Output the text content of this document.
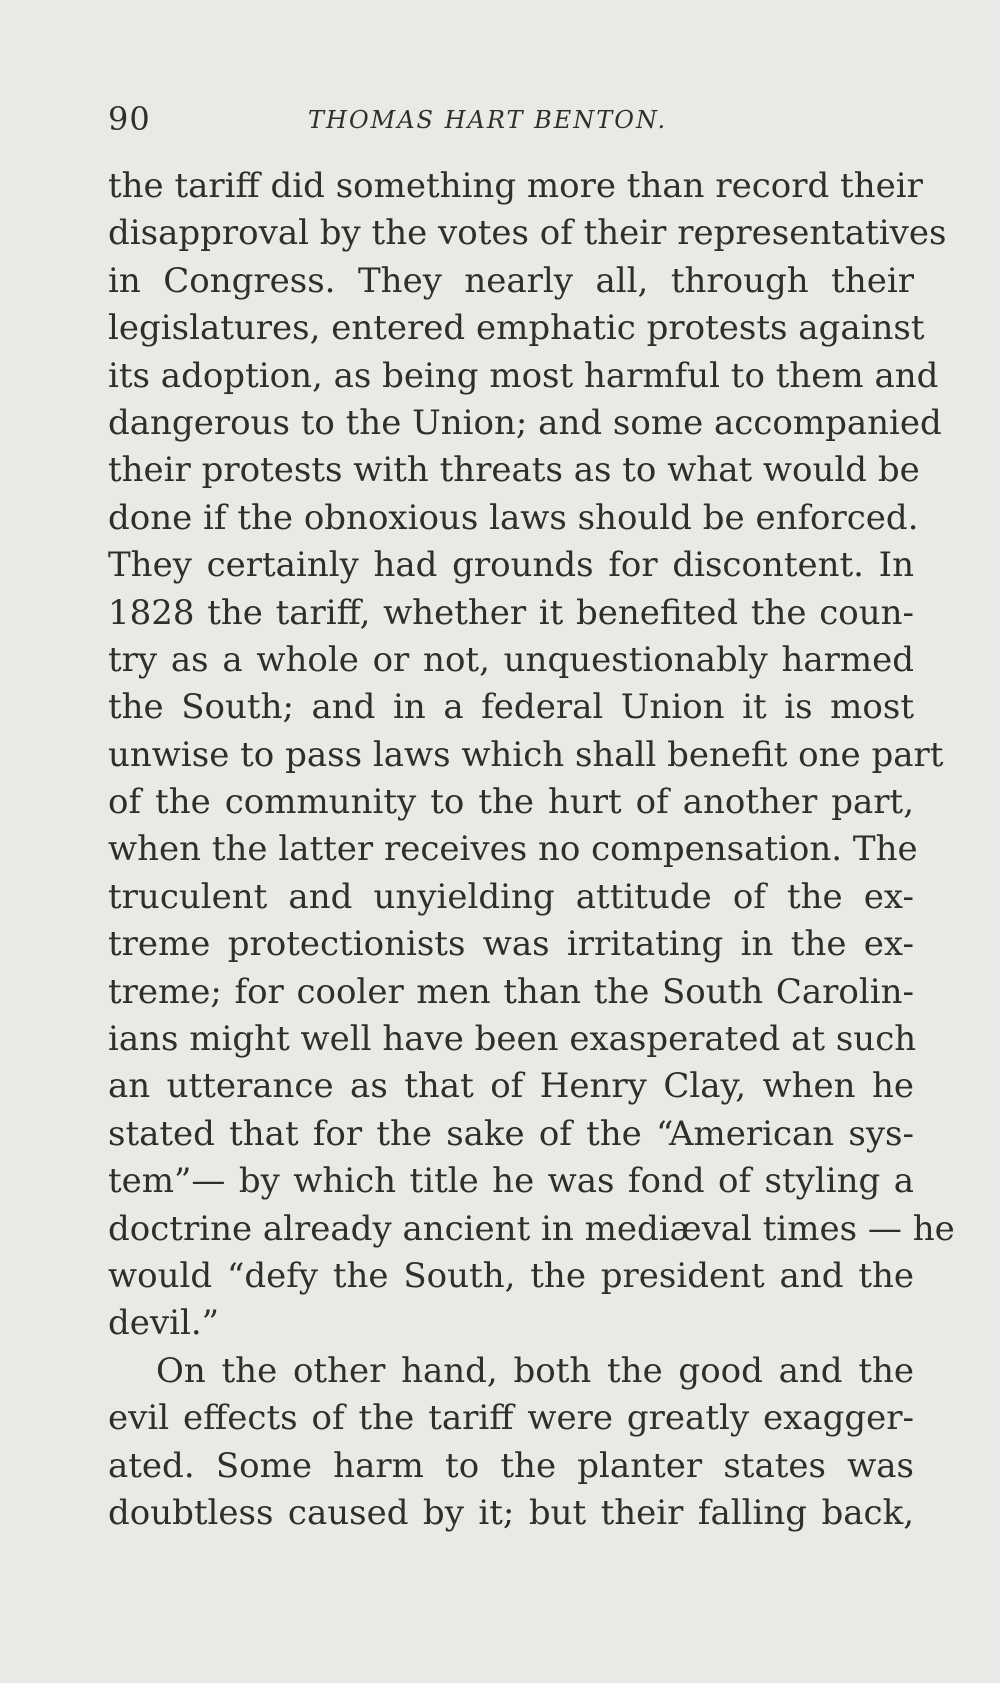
90	THOMAS HART BENTON.
the tariff did something more than record their
disapproval by the votes of their representatives
in Congress. They nearly all, through their
legislatures, entered emphatic protests against
its adoption, as being most harmful to them and
dangerous to the Union; and some accompanied
their protests with threats as to what would be
done if the obnoxious laws should be enforced.
They certainly had grounds for discontent. In
1828 the tariff, whether it benefited the coun-
try as a whole or not, unquestionably harmed
the South; and in a federal Union it is most
unwise to pass laws which shall benefit one part
of the community to the hurt of another part,
when the latter receives no compensation. The
truculent and unyielding attitude of the ex-
treme protectionists was irritating in the ex-
treme; for cooler men than the South Carolin-
ians might well have been exasperated at such
an utterance as that of Henry Clay, when he
stated that for the sake of the “American sys-
tem”— by which title he was fond of styling a
doctrine already ancient in mediæval times — he
would “defy the South, the president and the
devil.”
On the other hand, both the good and the
evil effects of the tariff were greatly exagger-
ated. Some harm to the planter states was
doubtless caused by it; but their falling back,
